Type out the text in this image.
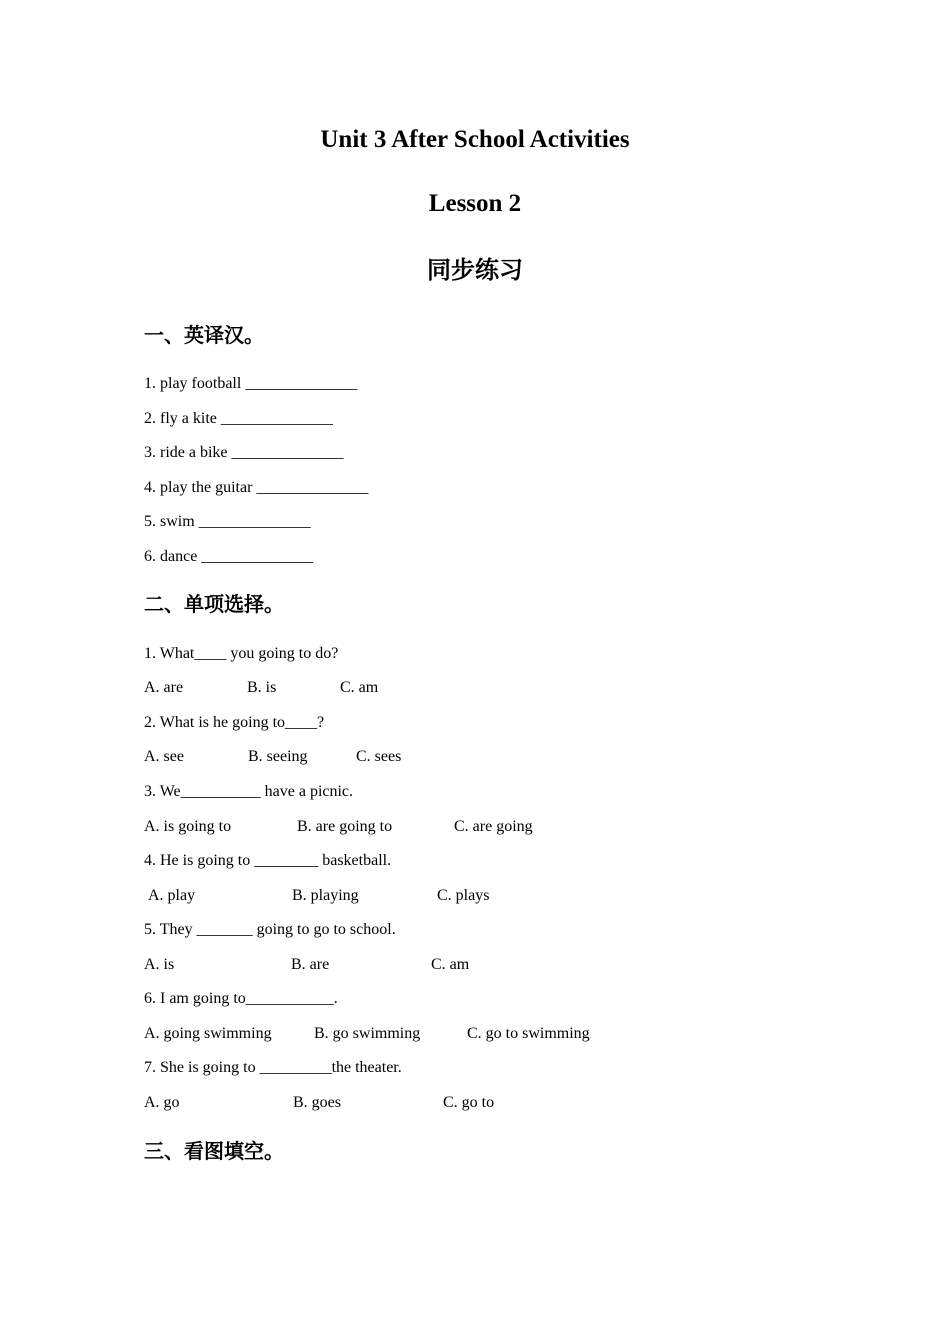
Unit 3 After School Activities
Lesson 2
同步练习
一、英译汉。
1. play football ______________
2. fly a kite ______________
3. ride a bike ______________
4. play the guitar ______________
5. swim ______________
6. dance ______________
二、单项选择。
1. What____ you going to do?
A. are	B. is	C. am
2. What is he going to____?
A. see	B. seeing	C. sees
3. We__________ have a picnic.
A. is going to	B. are going to	C. are going
4. He is going to ________ basketball.
A. play	B. playing	C. plays
5. They _______ going to go to school.
A. is	B. are	C. am
6. I am going to___________.
A. going swimming	B. go swimming	C. go to swimming
7. She is going to _________the theater.
A. go	B. goes	C. go to
三、看图填空。
